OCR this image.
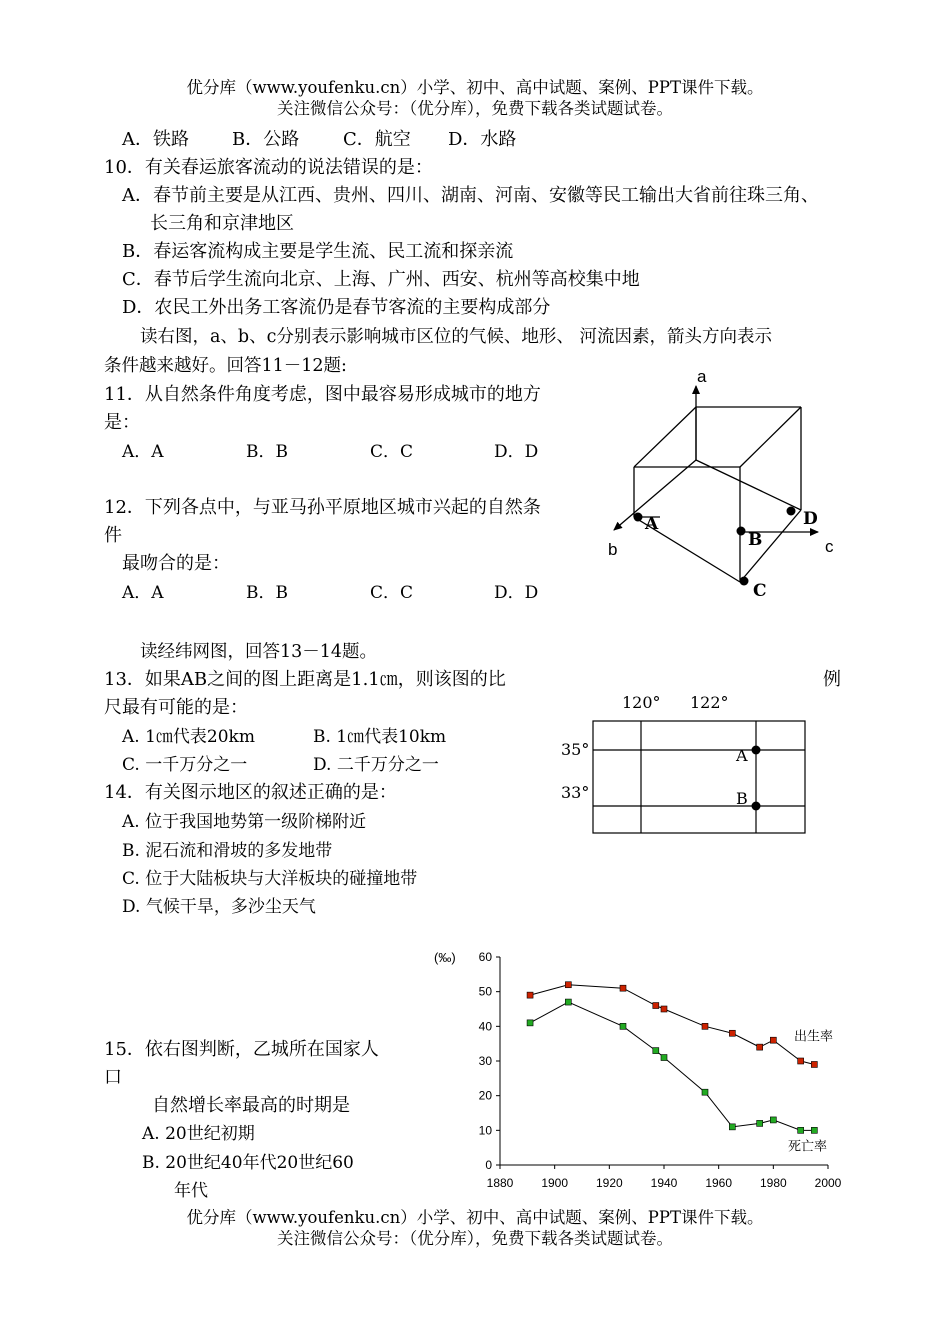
优分库（www.youfenku.cn）小学、初中、高中试题、案例、PPT课件下载。
关注微信公众号：（优分库），免费下载各类试题试卷。
A．铁路 B．公路 C．航空 D．水路
10．有关春运旅客流动的说法错误的是：
A．春节前主要是从江西、贵州、四川、湖南、河南、安徽等民工输出大省前往珠三角、
长三角和京津地区
B．春运客流构成主要是学生流、民工流和探亲流
C．春节后学生流向北京、上海、广州、西安、杭州等高校集中地
D．农民工外出务工客流仍是春节客流的主要构成部分
读右图，a、b、c分别表示影响城市区位的气候、地形、 河流因素，箭头方向表示
条件越来越好。回答11－12题:
11．从自然条件角度考虑，图中最容易形成城市的地方
是：
A．A	B．B	C．C	D．D
12．下列各点中，与亚马孙平原地区城市兴起的自然条
件
最吻合的是：
A．A	B．B	C．C	D．D
a
b	c
A
B
C
D
120° 122°
35°
33°
A
B
读经纬网图，回答13－14题。
13．如果AB之间的图上距离是1.1㎝，则该图的比	例
尺最有可能的是：
A. 1㎝代表20km	B. 1㎝代表10km
C. 一千万分之一	D. 二千万分之一
14．有关图示地区的叙述正确的是：
A. 位于我国地势第一级阶梯附近
B. 泥石流和滑坡的多发地带
C. 位于大陆板块与大洋板块的碰撞地带
D. 气候干旱，多沙尘天气
15．依右图判断，乙城所在国家人
口
自然增长率最高的时期是
A. 20世纪初期
B. 20世纪40年代20世纪60
年代
(‰)
0
10
20
30
40
50
60
1880 1900 1920 1940 1960 1980 2000
出生率
死亡率
优分库（www.youfenku.cn）小学、初中、高中试题、案例、PPT课件下载。
关注微信公众号：（优分库），免费下载各类试题试卷。
